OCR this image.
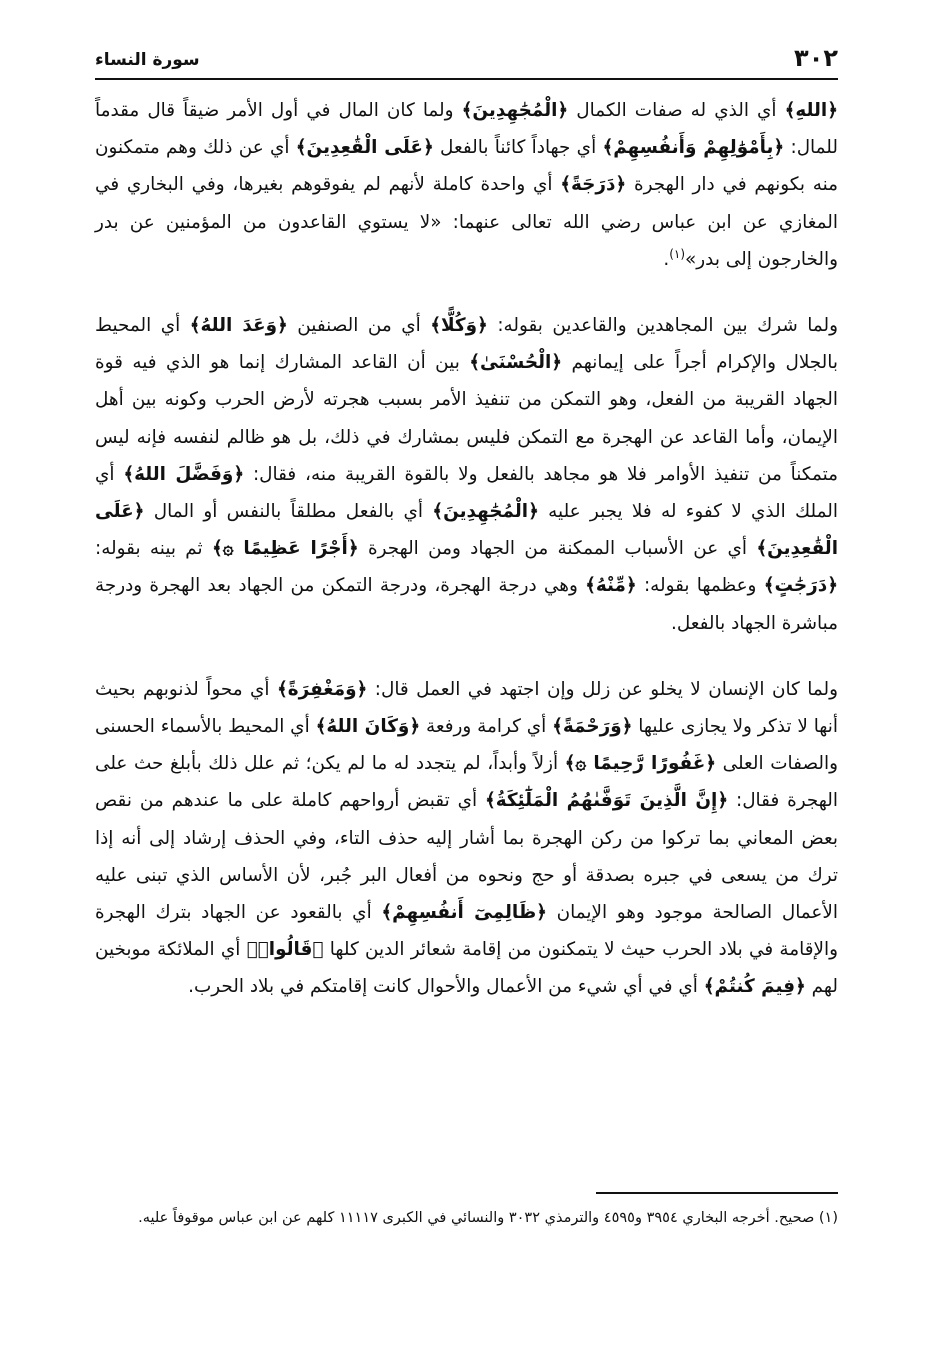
٣٠٢
سورة النساء

﴿اللهِ﴾ أي الذي له صفات الكمال ﴿الْمُجَٰهِدِينَ﴾ ولما كان المال في أول الأمر ضيقاً قال مقدماً للمال: ﴿بِأَمْوَٰلِهِمْ وَأَنفُسِهِمْ﴾ أي جهاداً كائناً بالفعل ﴿عَلَى الْقَٰعِدِينَ﴾ أي عن ذلك وهم متمكنون منه بكونهم في دار الهجرة ﴿دَرَجَةً﴾ أي واحدة كاملة لأنهم لم يفوقوهم بغيرها، وفي البخاري في المغازي عن ابن عباس رضي الله تعالى عنهما: «لا يستوي القاعدون من المؤمنين عن بدر والخارجون إلى بدر»$^{(١)}$.

ولما شرك بين المجاهدين والقاعدين بقوله: ﴿وَكُلًّا﴾ أي من الصنفين ﴿وَعَدَ اللهُ﴾ أي المحيط بالجلال والإكرام أجراً على إيمانهم ﴿الْحُسْنَىٰ﴾ بين أن القاعد المشارك إنما هو الذي فيه قوة الجهاد القريبة من الفعل، وهو التمكن من تنفيذ الأمر بسبب هجرته لأرض الحرب وكونه بين أهل الإيمان، وأما القاعد عن الهجرة مع التمكن فليس بمشارك في ذلك، بل هو ظالم لنفسه فإنه ليس متمكناً من تنفيذ الأوامر فلا هو مجاهد بالفعل ولا بالقوة القريبة منه، فقال: ﴿وَفَضَّلَ اللهُ﴾ أي الملك الذي لا كفوء له فلا يجبر عليه ﴿الْمُجَٰهِدِينَ﴾ أي بالفعل مطلقاً بالنفس أو المال ﴿عَلَى الْقَٰعِدِينَ﴾ أي عن الأسباب الممكنة من الجهاد ومن الهجرة ﴿أَجْرًا عَظِيمًا ۞﴾ ثم بينه بقوله: ﴿دَرَجَٰتٍ﴾ وعظمها بقوله: ﴿مِّنْهُ﴾ وهي درجة الهجرة، ودرجة التمكن من الجهاد بعد الهجرة ودرجة مباشرة الجهاد بالفعل.

ولما كان الإنسان لا يخلو عن زلل وإن اجتهد في العمل قال: ﴿وَمَغْفِرَةً﴾ أي محواً لذنوبهم بحيث أنها لا تذكر ولا يجازى عليها ﴿وَرَحْمَةً﴾ أي كرامة ورفعة ﴿وَكَانَ اللهُ﴾ أي المحيط بالأسماء الحسنى والصفات العلى ﴿غَفُورًا رَّحِيمًا ۞﴾ أزلاً وأبداً، لم يتجدد له ما لم يكن؛ ثم علل ذلك بأبلغ حث على الهجرة فقال: ﴿إِنَّ الَّذِينَ تَوَفَّىٰهُمُ الْمَلَٰٓئِكَةُ﴾ أي تقبض أرواحهم كاملة على ما عندهم من نقص بعض المعاني بما تركوا من ركن الهجرة بما أشار إليه حذف التاء، وفي الحذف إرشاد إلى أنه إذا ترك من يسعى في جبره بصدقة أو حج ونحوه من أفعال البر جُبر، لأن الأساس الذي تبنى عليه الأعمال الصالحة موجود وهو الإيمان ﴿ظَالِمِىٓ أَنفُسِهِمْ﴾ أي بالقعود عن الجهاد بترك الهجرة والإقامة في بلاد الحرب حيث لا يتمكنون من إقامة شعائر الدين كلها ﴿قَالُوا۟﴾ أي الملائكة موبخين لهم ﴿فِيمَ كُنتُمْ﴾ أي في أي شيء من الأعمال والأحوال كانت إقامتكم في بلاد الحرب.

(١) صحيح. أخرجه البخاري ٣٩٥٤ و٤٥٩٥ والترمذي ٣٠٣٢ والنسائي في الكبرى ١١١١٧ كلهم عن ابن عباس موقوفاً عليه.
